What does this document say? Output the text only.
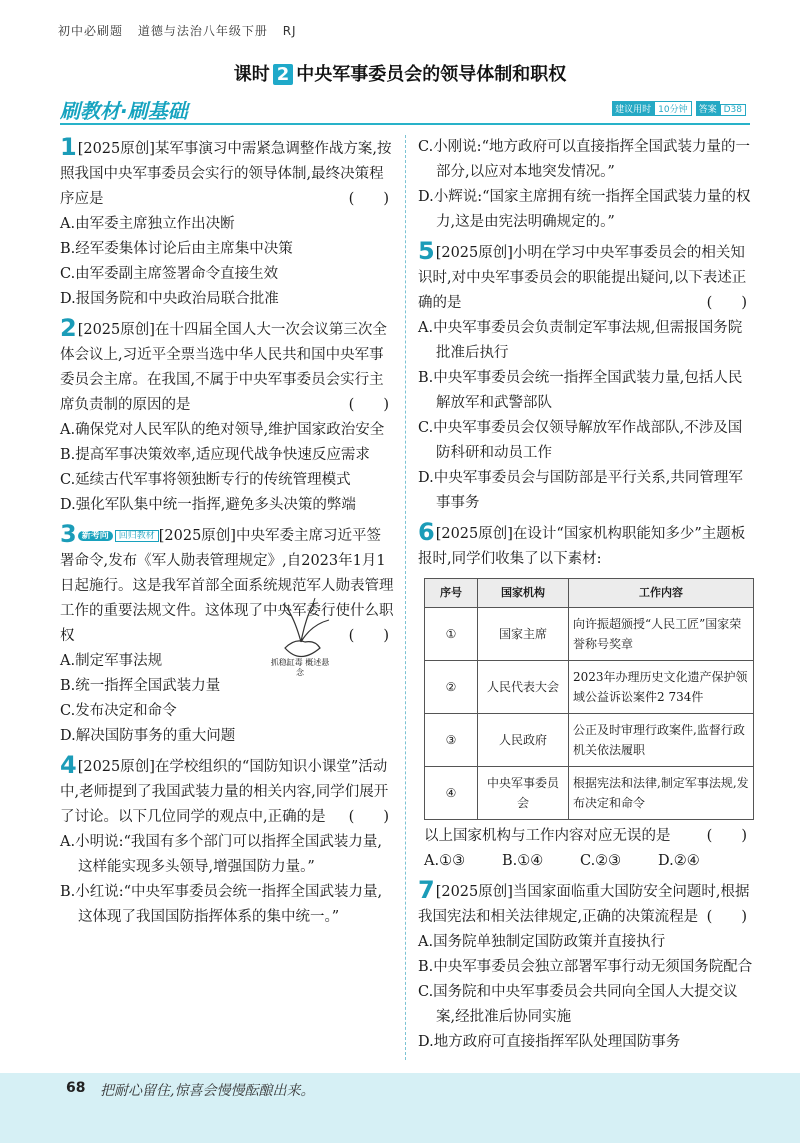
初中必刷题 道德与法治八年级下册 RJ
课时 2 中央军事委员会的领导体制和职权
刷教材·刷基础	建议用时 10分钟 答案 D38
1[2025原创]某军事演习中需紧急调整作战方案,按照我国中央军事委员会实行的领导体制,最终决策程序应是	(　　)
A.由军委主席独立作出决断
B.经军委集体讨论后由主席集中决策
C.由军委副主席签署命令直接生效
D.报国务院和中央政治局联合批准
2[2025原创]在十四届全国人大一次会议第三次全体会议上,习近平全票当选中华人民共和国中央军事委员会主席。在我国,不属于中央军事委员会实行主席负责制的原因的是	(　　)
A.确保党对人民军队的绝对领导,维护国家政治安全
B.提高军事决策效率,适应现代战争快速反应需求
C.延续古代军事将领独断专行的传统管理模式
D.强化军队集中统一指挥,避免多头决策的弊端
3 新考向 回归教材 [2025原创]中央军委主席习近平签署命令,发布《军人勋表管理规定》,自2023年1月1日起施行。这是我军首部全面系统规范军人勋表管理工作的重要法规文件。这体现了中央军委行使什么职权	(　　)
A.制定军事法规
B.统一指挥全国武装力量
C.发布决定和命令
D.解决国防事务的重大问题
4[2025原创]在学校组织的“国防知识小课堂”活动中,老师提到了我国武装力量的相关内容,同学们展开了讨论。以下几位同学的观点中,正确的是 (　　)
A.小明说:“我国有多个部门可以指挥全国武装力量,这样能实现多头领导,增强国防力量。”
B.小红说:“中央军事委员会统一指挥全国武装力量,这体现了我国国防指挥体系的集中统一。”
抓稳缸毒 概述悬念
C.小刚说:“地方政府可以直接指挥全国武装力量的一部分,以应对本地突发情况。”
D.小辉说:“国家主席拥有统一指挥全国武装力量的权力,这是由宪法明确规定的。”
5[2025原创]小明在学习中央军事委员会的相关知识时,对中央军事委员会的职能提出疑问,以下表述正确的是	(　　)
A.中央军事委员会负责制定军事法规,但需报国务院批准后执行
B.中央军事委员会统一指挥全国武装力量,包括人民解放军和武警部队
C.中央军事委员会仅领导解放军作战部队,不涉及国防科研和动员工作
D.中央军事委员会与国防部是平行关系,共同管理军事事务
6[2025原创]在设计“国家机构职能知多少”主题板报时,同学们收集了以下素材:
序号	国家机构	工作内容
①	国家主席	向许振超颁授“人民工匠”国家荣誉称号奖章
②	人民代表大会	2023年办理历史文化遗产保护领域公益诉讼案件2 734件
③	人民政府	公正及时审理行政案件,监督行政机关依法履职
④	中央军事委员会	根据宪法和法律,制定军事法规,发布决定和命令
以上国家机构与工作内容对应无误的是 (　　)
A.①③	B.①④	C.②③	D.②④
7[2025原创]当国家面临重大国防安全问题时,根据我国宪法和相关法律规定,正确的决策流程是 (　　)
A.国务院单独制定国防政策并直接执行
B.中央军事委员会独立部署军事行动无须国务院配合
C.国务院和中央军事委员会共同向全国人大提交议案,经批准后协同实施
D.地方政府可直接指挥军队处理国防事务
68 把耐心留住,惊喜会慢慢酝酿出来。
